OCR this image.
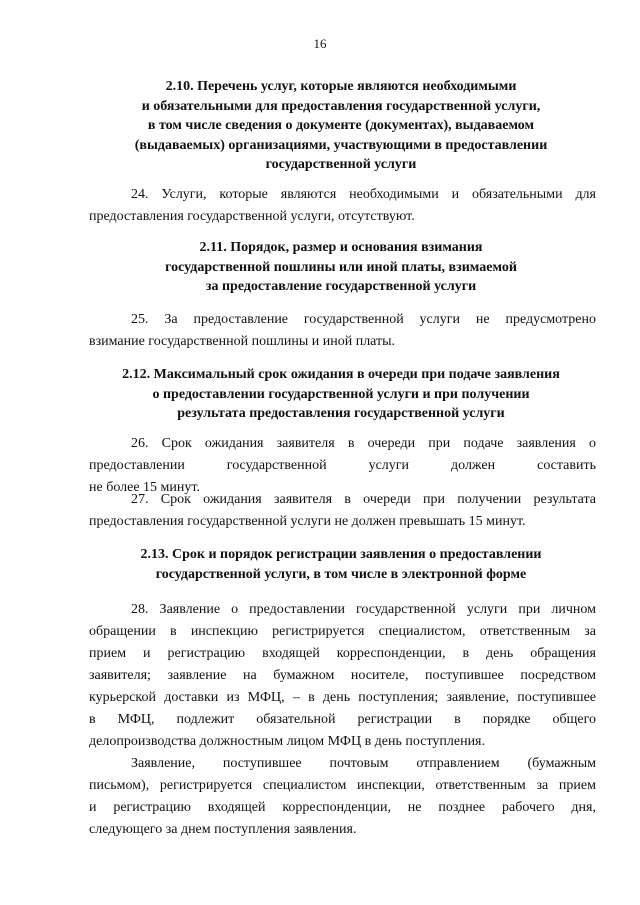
16
2.10. Перечень услуг, которые являются необходимыми
и обязательными для предоставления государственной услуги,
в том числе сведения о документе (документах), выдаваемом
(выдаваемых) организациями, участвующими в предоставлении
государственной услуги
24. Услуги, которые являются необходимыми и обязательными для
предоставления государственной услуги, отсутствуют.
2.11. Порядок, размер и основания взимания
государственной пошлины или иной платы, взимаемой
за предоставление государственной услуги
25. За предоставление государственной услуги не предусмотрено
взимание государственной пошлины и иной платы.
2.12. Максимальный срок ожидания в очереди при подаче заявления
о предоставлении государственной услуги и при получении
результата предоставления государственной услуги
26. Срок ожидания заявителя в очереди при подаче заявления о
предоставлении государственной услуги должен составить
не более 15 минут.
27. Срок ожидания заявителя в очереди при получении результата
предоставления государственной услуги не должен превышать 15 минут.
2.13. Срок и порядок регистрации заявления о предоставлении
государственной услуги, в том числе в электронной форме
28. Заявление о предоставлении государственной услуги при личном
обращении в инспекцию регистрируется специалистом, ответственным за
прием и регистрацию входящей корреспонденции, в день обращения
заявителя; заявление на бумажном носителе, поступившее посредством
курьерской доставки из МФЦ, – в день поступления; заявление, поступившее
в МФЦ, подлежит обязательной регистрации в порядке общего
делопроизводства должностным лицом МФЦ в день поступления.
Заявление, поступившее почтовым отправлением (бумажным
письмом), регистрируется специалистом инспекции, ответственным за прием
и регистрацию входящей корреспонденции, не позднее рабочего дня,
следующего за днем поступления заявления.
